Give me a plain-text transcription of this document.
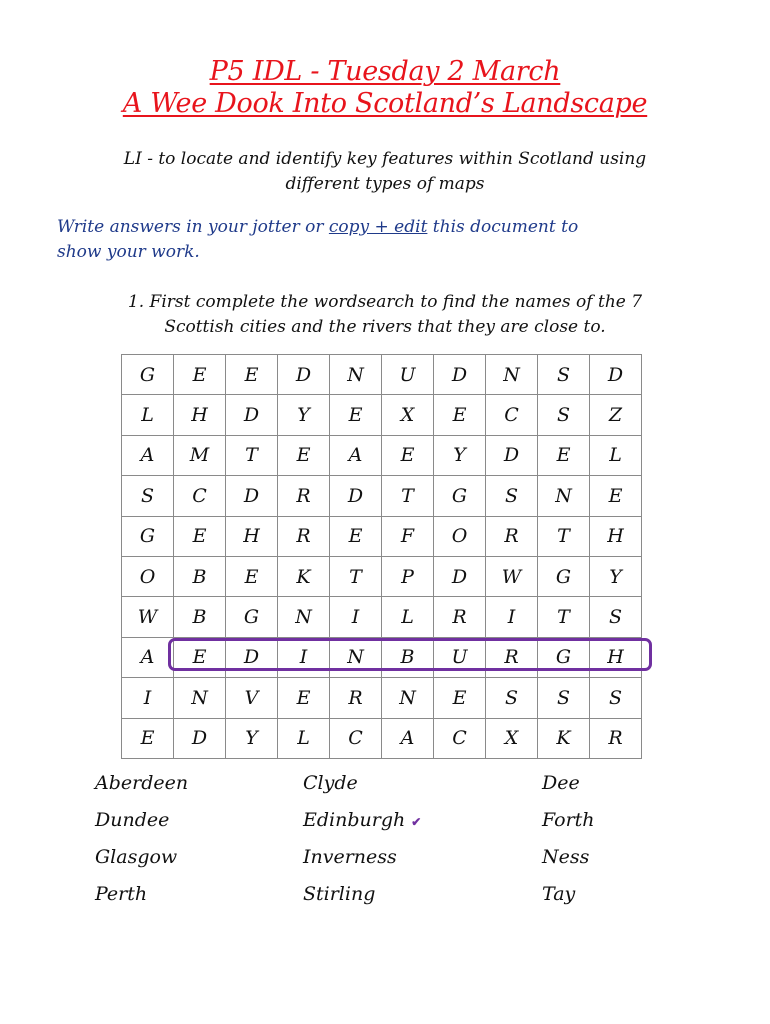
P5 IDL - Tuesday 2 March
A Wee Dook Into Scotland’s Landscape
LI - to locate and identify key features within Scotland using
different types of maps
Write answers in your jotter or copy + edit this document to
show your work.
1. First complete the wordsearch to find the names of the 7
Scottish cities and the rivers that they are close to.
G	E	E	D	N	U	D	N	S	D
L	H	D	Y	E	X	E	C	S	Z
A	M	T	E	A	E	Y	D	E	L
S	C	D	R	D	T	G	S	N	E
G	E	H	R	E	F	O	R	T	H
O	B	E	K	T	P	D	W	G	Y
W	B	G	N	I	L	R	I	T	S
A	E	D	I	N	B	U	R	G	H
I	N	V	E	R	N	E	S	S	S
E	D	Y	L	C	A	C	X	K	R
Aberdeen
Dundee
Glasgow
Perth
Clyde
Edinburgh ✔
Inverness
Stirling
Dee
Forth
Ness
Tay
